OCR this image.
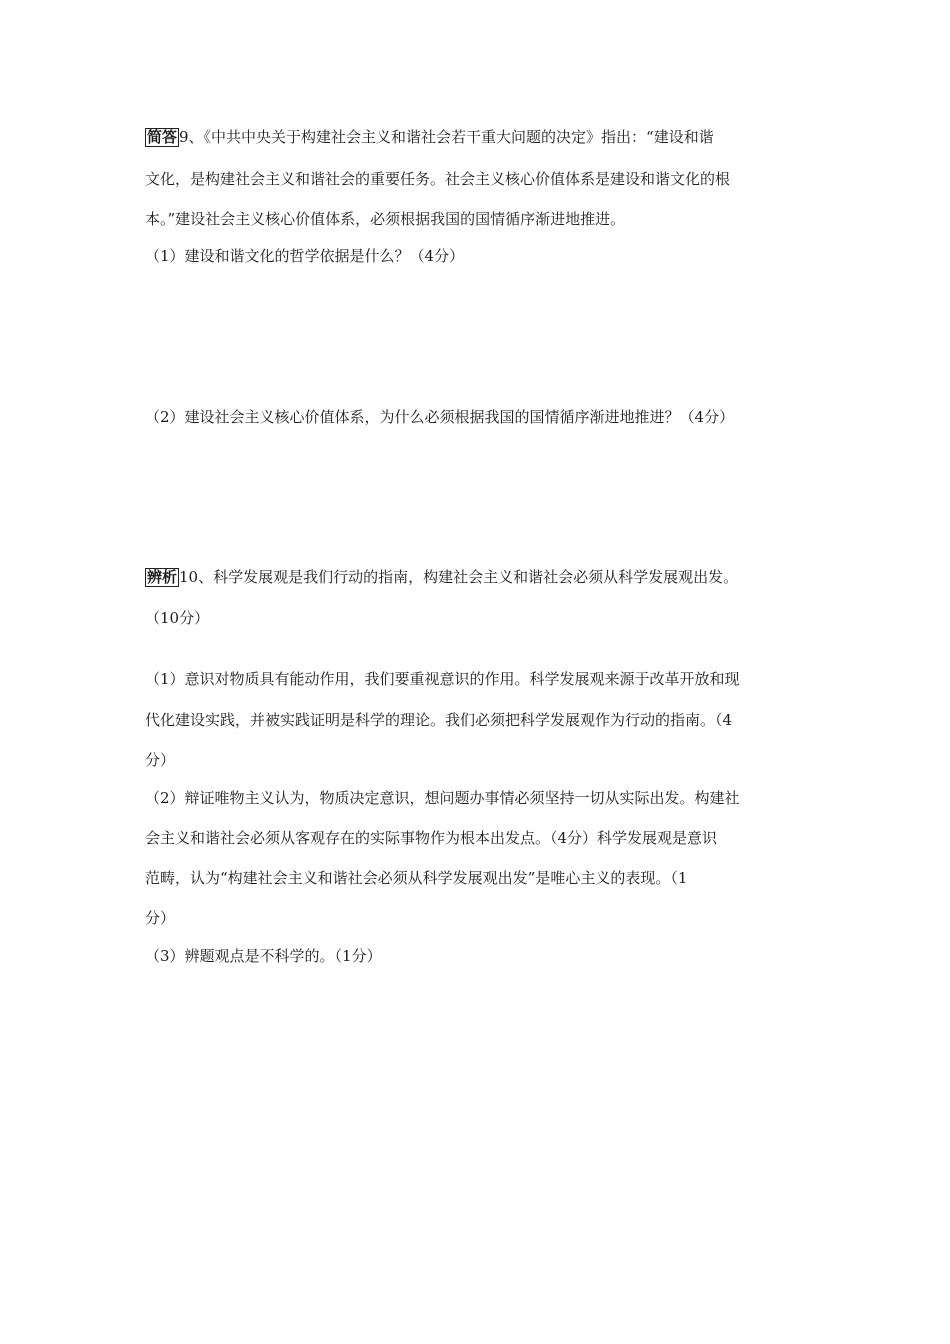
简答 9、《中共中央关于构建社会主义和谐社会若干重大问题的决定》指出：“建设和谐
文化，是构建社会主义和谐社会的重要任务。社会主义核心价值体系是建设和谐文化的根
本。”建设社会主义核心价值体系，必须根据我国的国情循序渐进地推进。
（1）建设和谐文化的哲学依据是什么？（4分）
（2）建设社会主义核心价值体系，为什么必须根据我国的国情循序渐进地推进？（4分）
辨析 10、科学发展观是我们行动的指南，构建社会主义和谐社会必须从科学发展观出发。
（10分）
（1）意识对物质具有能动作用，我们要重视意识的作用。科学发展观来源于改革开放和现
代化建设实践，并被实践证明是科学的理论。我们必须把科学发展观作为行动的指南。（4
分）
（2）辩证唯物主义认为，物质决定意识，想问题办事情必须坚持一切从实际出发。构建社
会主义和谐社会必须从客观存在的实际事物作为根本出发点。（4分）科学发展观是意识
范畴，认为“构建社会主义和谐社会必须从科学发展观出发”是唯心主义的表现。（1
分）
（3）辨题观点是不科学的。（1分）
